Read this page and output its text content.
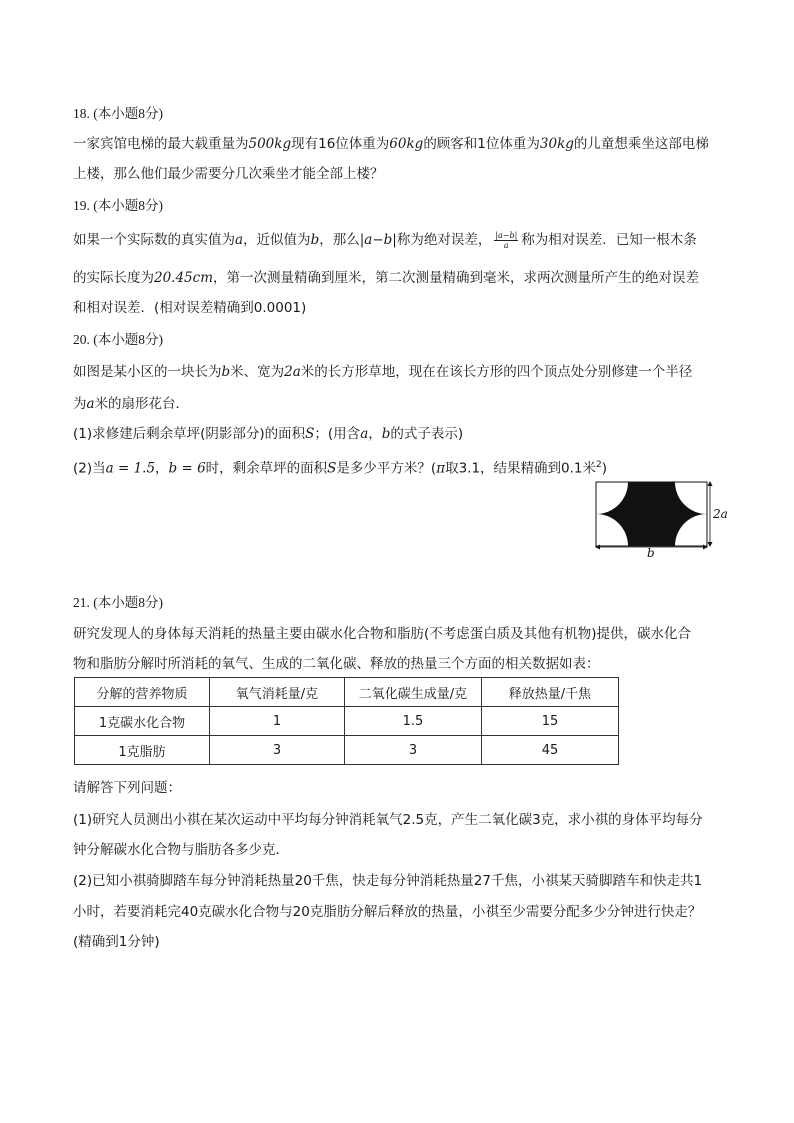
18. (本小题8分)
一家宾馆电梯的最大载重量为500kg现有16位体重为60kg的顾客和1位体重为30kg的儿童想乘坐这部电梯
上楼，那么他们最少需要分几次乘坐才能全部上楼？
19. (本小题8分)
如果一个实际数的真实值为a，近似值为b，那么|a−b|称为绝对误差， $\frac{|a-b|}{a}$ 称为相对误差．已知一根木条
的实际长度为20.45cm，第一次测量精确到厘米，第二次测量精确到毫米，求两次测量所产生的绝对误差
和相对误差．(相对误差精确到0.0001)
20. (本小题8分)
如图是某小区的一块长为b米、宽为2a米的长方形草地，现在在该长方形的四个顶点处分别修建一个半径
为a米的扇形花台．
(1)求修建后剩余草坪(阴影部分)的面积S；(用含a，b的式子表示)
(2)当a = 1.5，b = 6时，剩余草坪的面积S是多少平方米？(π取3.1，结果精确到0.1米$^2$)
2a
b
21. (本小题8分)
研究发现人的身体每天消耗的热量主要由碳水化合物和脂肪(不考虑蛋白质及其他有机物)提供，碳水化合
物和脂肪分解时所消耗的氧气、生成的二氧化碳、释放的热量三个方面的相关数据如表：
分解的营养物质	氧气消耗量/克	二氧化碳生成量/克	释放热量/千焦
1克碳水化合物	1	1.5	15
1克脂肪	3	3	45
请解答下列问题：
(1)研究人员测出小祺在某次运动中平均每分钟消耗氧气2.5克，产生二氧化碳3克，求小祺的身体平均每分
钟分解碳水化合物与脂肪各多少克．
(2)已知小祺骑脚踏车每分钟消耗热量20千焦，快走每分钟消耗热量27千焦，小祺某天骑脚踏车和快走共1
小时，若要消耗完40克碳水化合物与20克脂肪分解后释放的热量，小祺至少需要分配多少分钟进行快走？
(精确到1分钟)
